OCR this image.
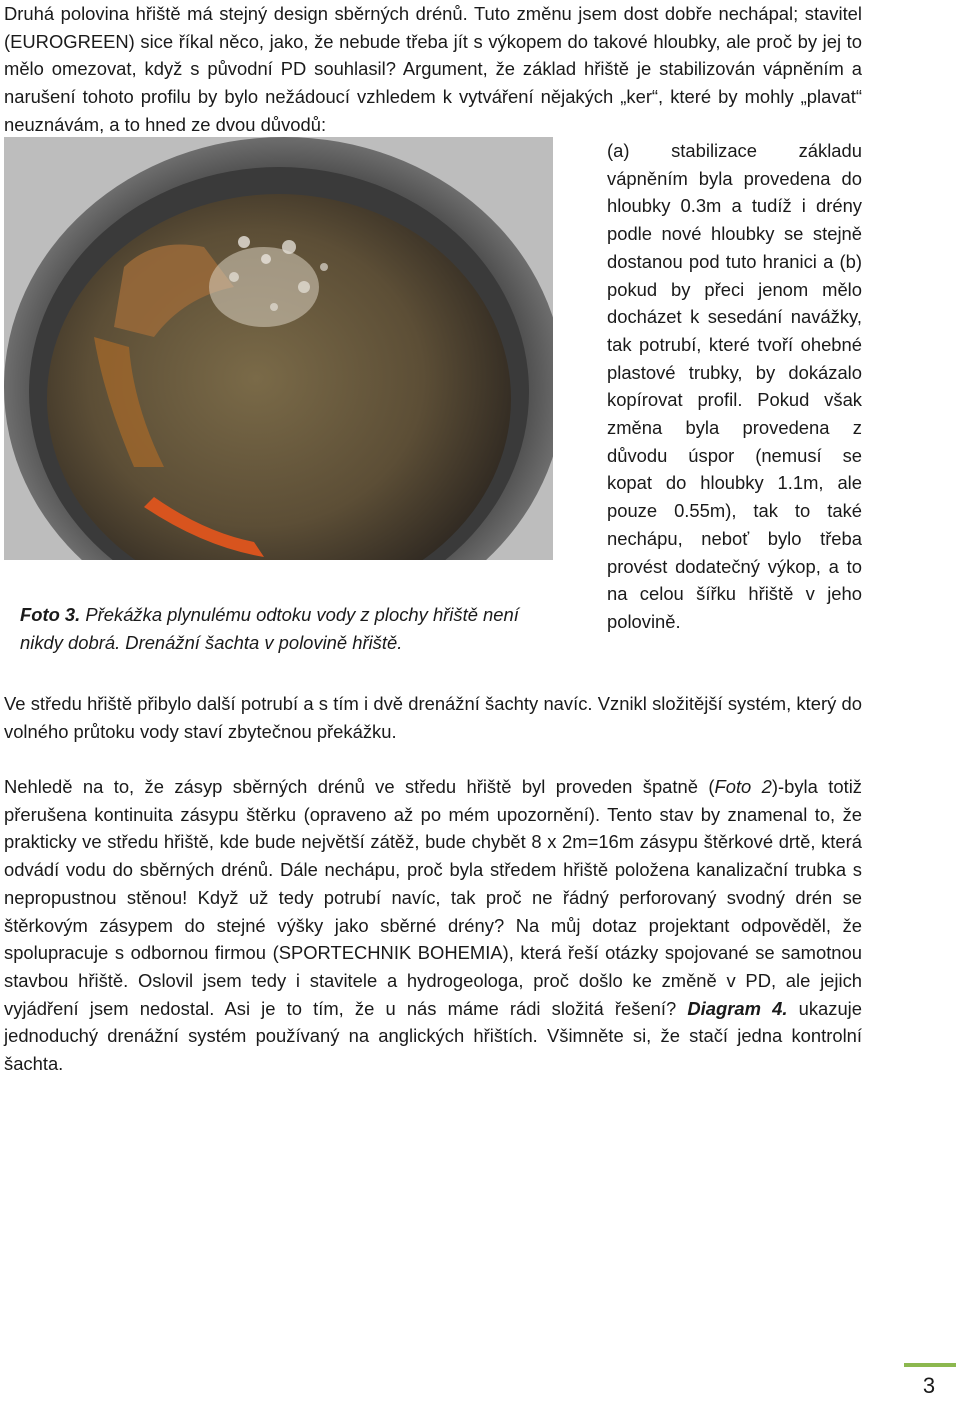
Druhá polovina hřiště má stejný design sběrných drénů. Tuto změnu jsem dost dobře nechápal; stavitel (EUROGREEN) sice říkal něco, jako, že nebude třeba jít s výkopem do takové hloubky, ale proč by jej to mělo omezovat, když s původní PD souhlasil? Argument, že základ hřiště je stabilizován vápněním a narušení tohoto profilu by bylo nežádoucí vzhledem k vytváření nějakých „ker“, které by mohly „plavat“ neuznávám, a to hned ze dvou důvodů:

Foto 3. Překážka plynulému odtoku vody z plochy hřiště není nikdy dobrá. Drenážní šachta v polovině hřiště.

(a) stabilizace základu vápněním byla provedena do hloubky 0.3m a tudíž i drény podle nové hloubky se stejně dostanou pod tuto hranici a (b) pokud by přeci jenom mělo docházet k sesedání navážky, tak potrubí, které tvoří ohebné plastové trubky, by dokázalo kopírovat profil. Pokud však změna byla provedena z důvodu úspor (nemusí se kopat do hloubky 1.1m, ale pouze 0.55m), tak to také nechápu, neboť bylo třeba provést dodatečný výkop, a to na celou šířku hřiště v jeho polovině.

Ve středu hřiště přibylo další potrubí a s tím i dvě drenážní šachty navíc. Vznikl složitější systém, který do volného průtoku vody staví zbytečnou překážku.

Nehledě na to, že zásyp sběrných drénů ve středu hřiště byl proveden špatně (Foto 2)-byla totiž přerušena kontinuita zásypu štěrku (opraveno až po mém upozornění). Tento stav by znamenal to, že prakticky ve středu hřiště, kde bude největší zátěž, bude chybět 8 x 2m=16m zásypu štěrkové drtě, která odvádí vodu do sběrných drénů. Dále nechápu, proč byla středem hřiště položena kanalizační trubka s nepropustnou stěnou! Když už tedy potrubí navíc, tak proč ne řádný perforovaný svodný drén se štěrkovým zásypem do stejné výšky jako sběrné drény? Na můj dotaz projektant odpověděl, že spolupracuje s odbornou firmou (SPORTECHNIK BOHEMIA), která řeší otázky spojované se samotnou stavbou hřiště. Oslovil jsem tedy i stavitele a hydrogeologa, proč došlo ke změně v PD, ale jejich vyjádření jsem nedostal. Asi je to tím, že u nás máme rádi složitá řešení? Diagram 4. ukazuje jednoduchý drenážní systém používaný na anglických hřištích. Všimněte si, že stačí jedna kontrolní šachta.

3
